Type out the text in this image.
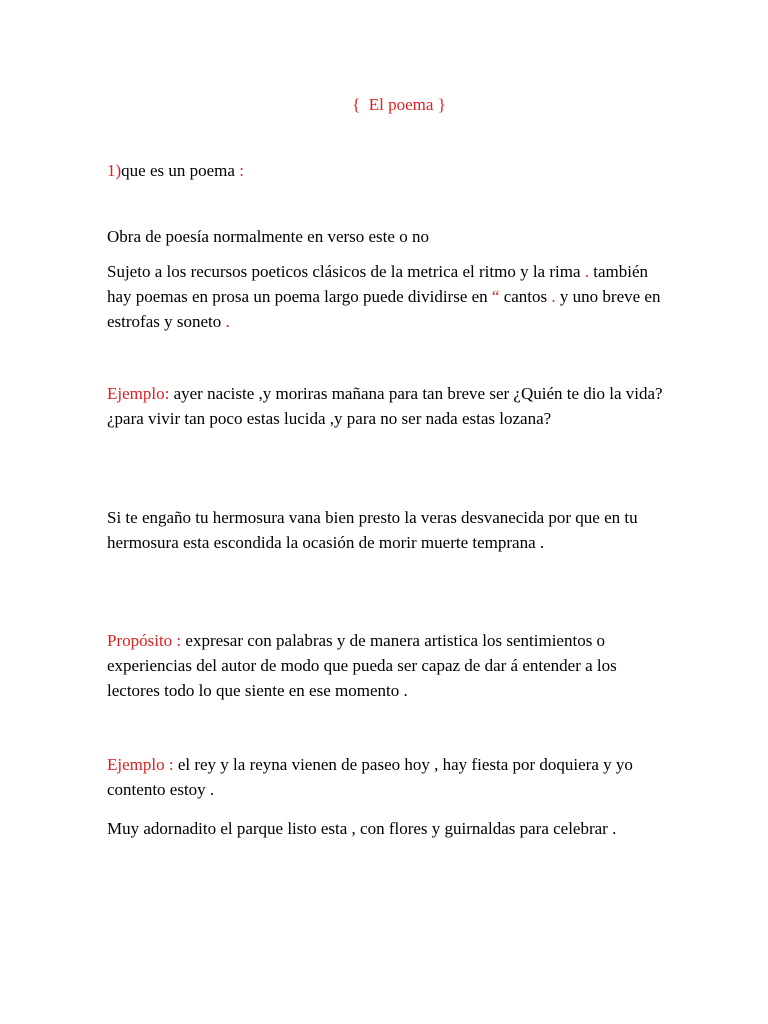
{ El poema }
1)que es un poema :
Obra de poesía normalmente en verso este o no
Sujeto a los recursos poeticos clásicos de la metrica el ritmo y la rima . también hay poemas en prosa un poema largo puede dividirse en “ cantos . y uno breve en estrofas y soneto .
Ejemplo: ayer naciste ,y moriras mañana para tan breve ser ¿Quién te dio la vida? ¿para vivir tan poco estas lucida ,y para no ser nada estas lozana?
Si te engaño tu hermosura vana bien presto la veras desvanecida por que en tu hermosura esta escondida la ocasión de morir muerte temprana .
Propósito : expresar con palabras y de manera artistica los sentimientos o experiencias del autor de modo que pueda ser capaz de dar á entender a los lectores todo lo que siente en ese momento .
Ejemplo : el rey y la reyna vienen de paseo hoy , hay fiesta por doquiera y yo contento estoy .
Muy adornadito el parque listo esta , con flores y guirnaldas para celebrar .
